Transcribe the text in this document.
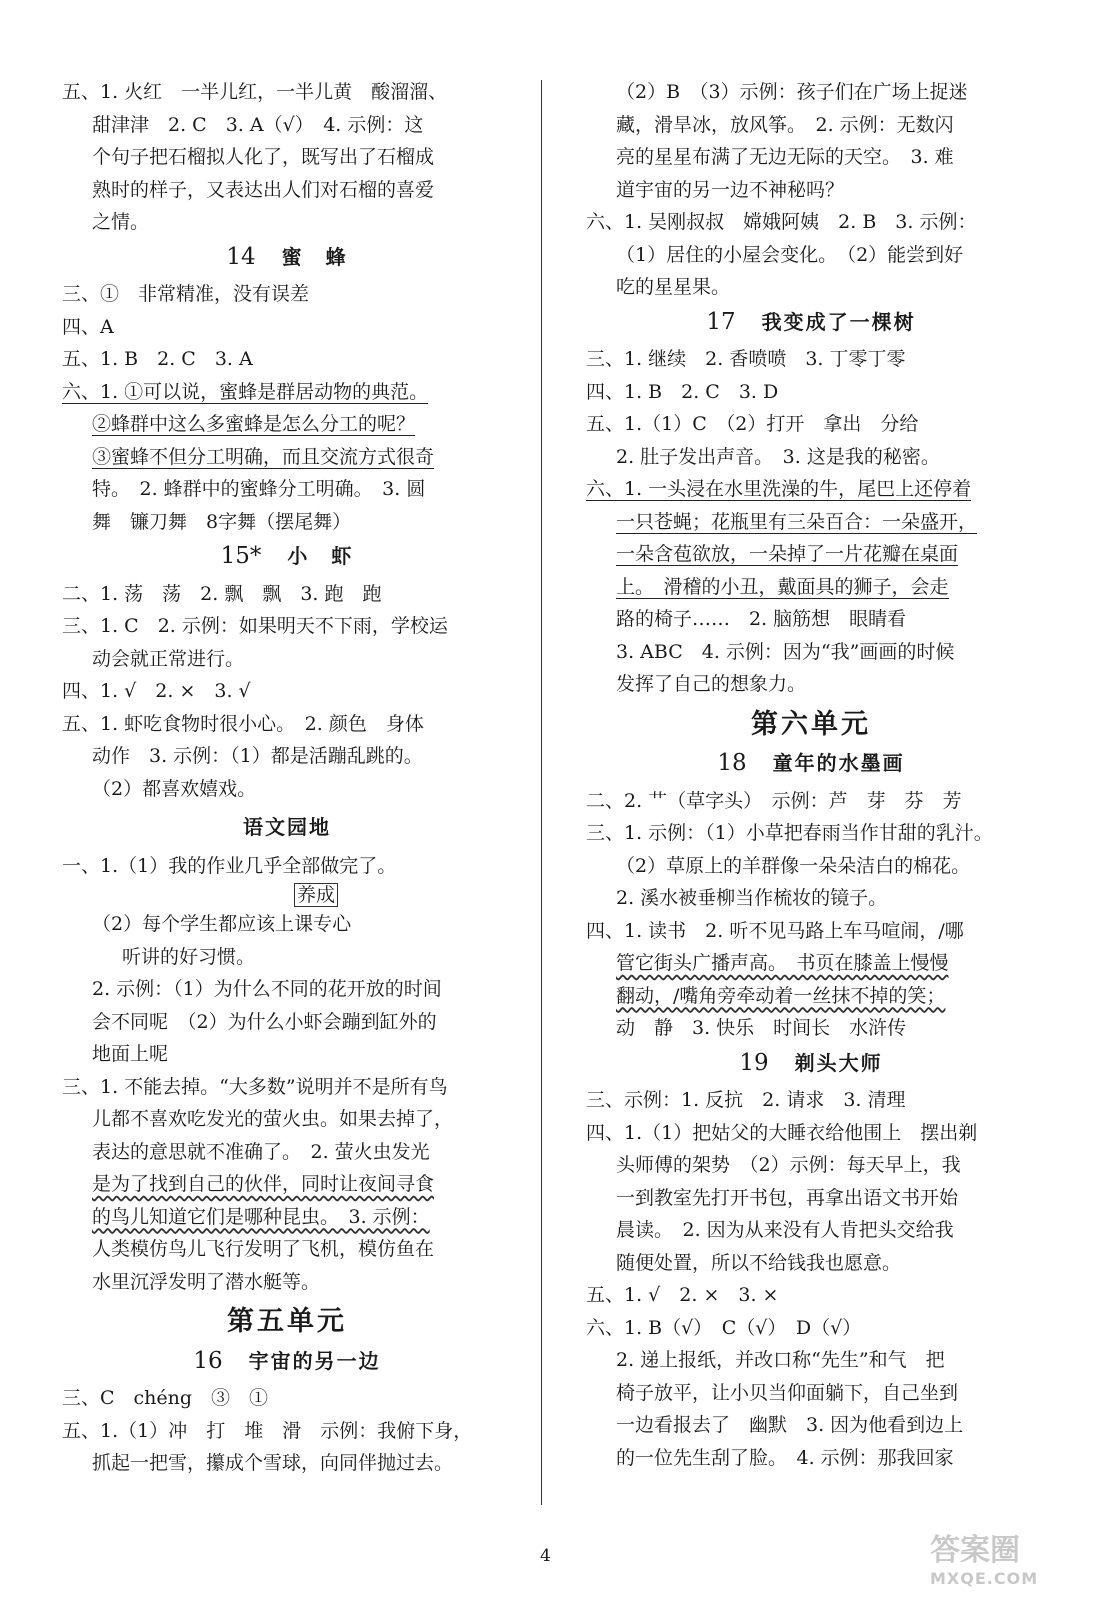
五、1. 火红　一半儿红，一半儿黄　酸溜溜、
甜津津　2. C　3. A（√）　4. 示例：这
个句子把石榴拟人化了，既写出了石榴成
熟时的样子，又表达出人们对石榴的喜爱
之情。
14 蜜　蜂
三、①　非常精准，没有误差
四、A
五、1. B　2. C　3. A
六、1. ①可以说，蜜蜂是群居动物的典范。
②蜂群中这么多蜜蜂是怎么分工的呢？
③蜜蜂不但分工明确，而且交流方式很奇
特。　2. 蜂群中的蜜蜂分工明确。　3. 圆
舞　镰刀舞　8字舞（摆尾舞）
15* 小　虾
二、1. 荡　荡　2. 飘　飘　3. 跑　跑
三、1. C　2. 示例：如果明天不下雨，学校运
动会就正常进行。
四、1. √　2. ×　3. √
五、1. 虾吃食物时很小心。　2. 颜色　身体
动作　3. 示例：（1）都是活蹦乱跳的。
（2）都喜欢嬉戏。
语文园地
一、1.（1）我的作业几乎全部做完了。
养成
（2）每个学生都应该上课专心
听讲的好习惯。
2. 示例：（1）为什么不同的花开放的时间
会不同呢　（2）为什么小虾会蹦到缸外的
地面上呢
三、1. 不能去掉。“大多数”说明并不是所有鸟
儿都不喜欢吃发光的萤火虫。如果去掉了，
表达的意思就不准确了。　2. 萤火虫发光
是为了找到自己的伙伴，同时让夜间寻食
的鸟儿知道它们是哪种昆虫。　3. 示例：
人类模仿鸟儿飞行发明了飞机，模仿鱼在
水里沉浮发明了潜水艇等。
第五单元
16 宇宙的另一边
三、C　chéng　③　①
五、1.（1）冲　打　堆　滑　示例：我俯下身，
抓起一把雪，攥成个雪球，向同伴抛过去。
（2）B　（3）示例：孩子们在广场上捉迷
藏，滑旱冰，放风筝。　2. 示例：无数闪
亮的星星布满了无边无际的天空。　3. 难
道宇宙的另一边不神秘吗？
六、1. 吴刚叔叔　嫦娥阿姨　2. B　3. 示例：
（1）居住的小屋会变化。　（2）能尝到好
吃的星星果。
17 我变成了一棵树
三、1. 继续　2. 香喷喷　3. 丁零丁零
四、1. B　2. C　3. D
五、1.（1）C　（2）打开　拿出　分给
2. 肚子发出声音。　3. 这是我的秘密。
六、1. 一头浸在水里洗澡的牛，尾巴上还停着
一只苍蝇；花瓶里有三朵百合：一朵盛开，
一朵含苞欲放，一朵掉了一片花瓣在桌面
上。　滑稽的小丑，戴面具的狮子，会走
路的椅子……　2. 脑筋想　眼睛看
3. ABC　4. 示例：因为“我”画画的时候
发挥了自己的想象力。
第六单元
18 童年的水墨画
二、2. 艹（草字头）　示例：芦　芽　芬　芳
三、1. 示例：（1）小草把春雨当作甘甜的乳汁。
（2）草原上的羊群像一朵朵洁白的棉花。
2. 溪水被垂柳当作梳妆的镜子。
四、1. 读书　2. 听不见马路上车马喧闹，/哪
管它街头广播声高。　书页在膝盖上慢慢
翻动，/嘴角旁牵动着一丝抹不掉的笑；
动　静　3. 快乐　时间长　水浒传
19 剃头大师
三、示例：1. 反抗　2. 请求　3. 清理
四、1.（1）把姑父的大睡衣给他围上　摆出剃
头师傅的架势　（2）示例：每天早上，我
一到教室先打开书包，再拿出语文书开始
晨读。　2. 因为从来没有人肯把头交给我
随便处置，所以不给钱我也愿意。
五、1. √　2. ×　3. ×
六、1. B（√）　C（√）　D（√）
2. 递上报纸，并改口称“先生”和气　把
椅子放平，让小贝当仰面躺下，自己坐到
一边看报去了　幽默　3. 因为他看到边上
的一位先生刮了脸。　4. 示例：那我回家
4	答案圈
MXQE.COM
